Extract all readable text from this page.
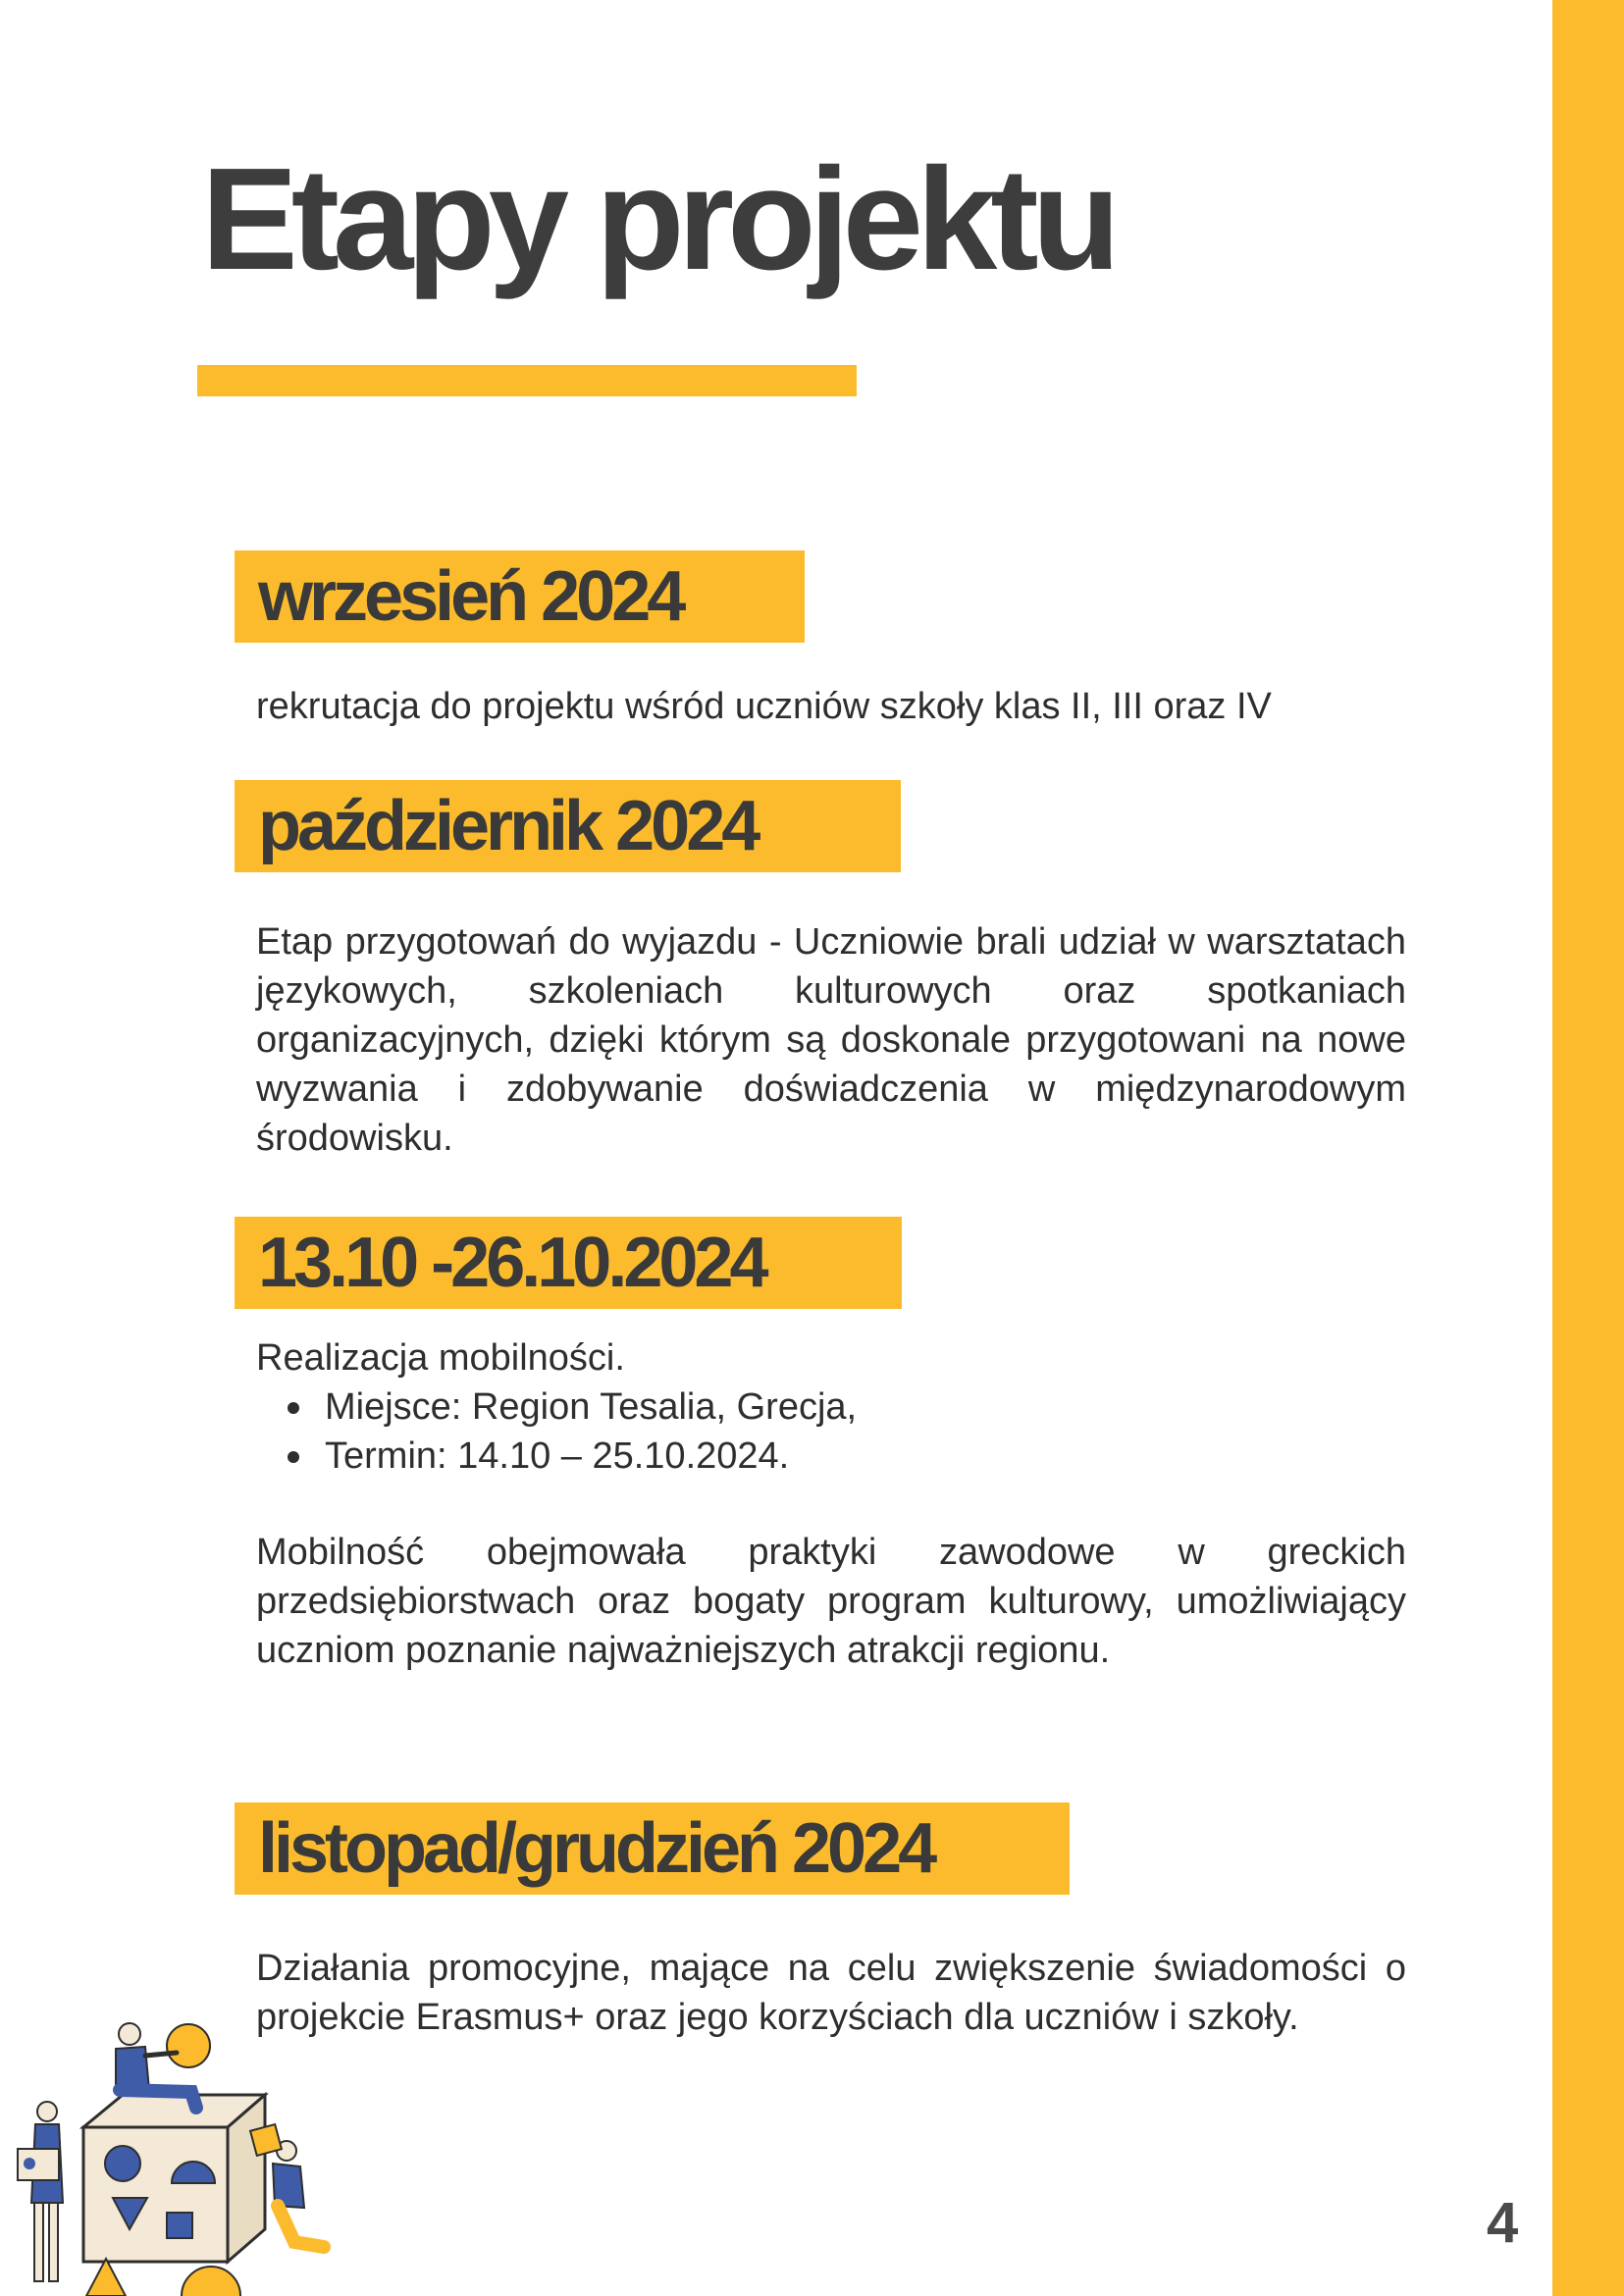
Etapy projektu
wrzesień 2024

rekrutacja do projektu wśród uczniów szkoły klas II, III oraz IV

październik 2024

Etap przygotowań do wyjazdu - Uczniowie brali udział w warsztatach językowych, szkoleniach kulturowych oraz spotkaniach organizacyjnych, dzięki którym są doskonale przygotowani na nowe wyzwania i zdobywanie doświadczenia w międzynarodowym środowisku.

13.10 -26.10.2024

Realizacja mobilności.

Miejsce: Region Tesalia, Grecja,
Termin: 14.10 – 25.10.2024.

Mobilność obejmowała praktyki zawodowe w greckich przedsiębiorstwach oraz bogaty program kulturowy, umożliwiający uczniom poznanie najważniejszych atrakcji regionu.

listopad/grudzień 2024

Działania promocyjne, mające na celu zwiększenie świadomości o projekcie Erasmus+ oraz jego korzyściach dla uczniów i szkoły.

4
